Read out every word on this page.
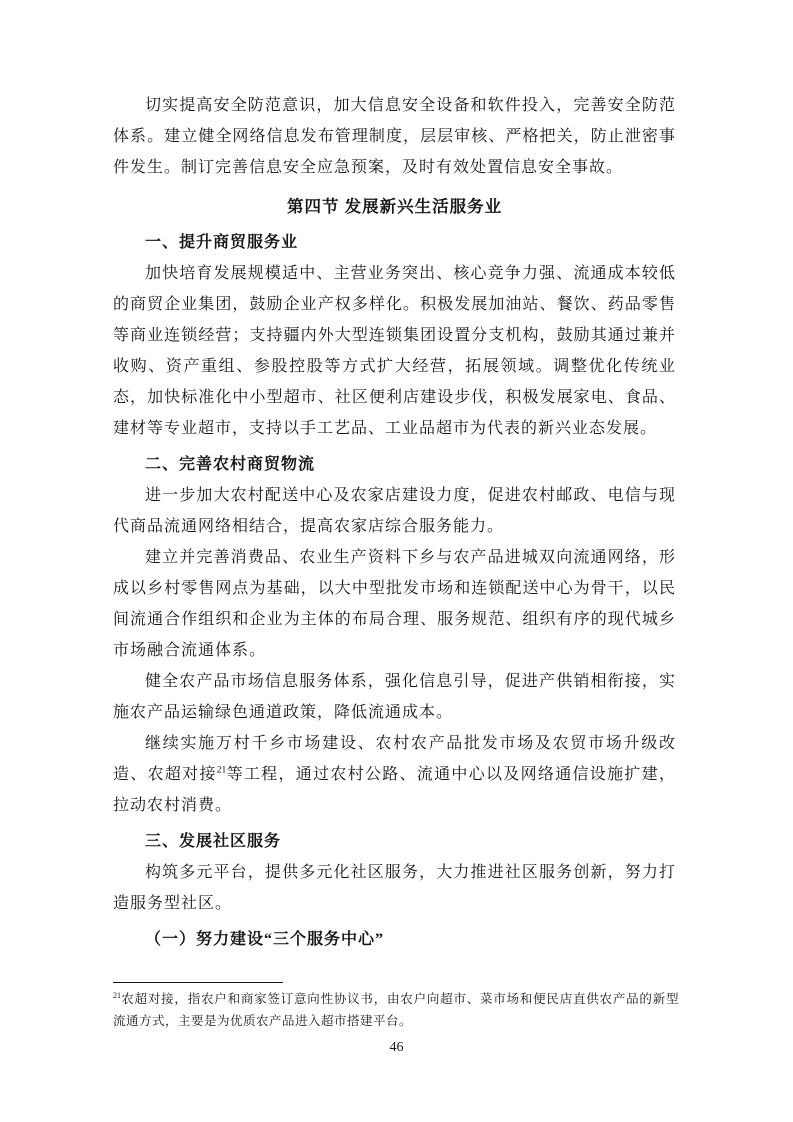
切实提高安全防范意识，加大信息安全设备和软件投入，完善安全防范体系。建立健全网络信息发布管理制度，层层审核、严格把关，防止泄密事件发生。制订完善信息安全应急预案，及时有效处置信息安全事故。

第四节 发展新兴生活服务业
一、提升商贸服务业

加快培育发展规模适中、主营业务突出、核心竞争力强、流通成本较低的商贸企业集团，鼓励企业产权多样化。积极发展加油站、餐饮、药品零售等商业连锁经营；支持疆内外大型连锁集团设置分支机构，鼓励其通过兼并收购、资产重组、参股控股等方式扩大经营，拓展领域。调整优化传统业态，加快标准化中小型超市、社区便利店建设步伐，积极发展家电、食品、建材等专业超市，支持以手工艺品、工业品超市为代表的新兴业态发展。

二、完善农村商贸物流

进一步加大农村配送中心及农家店建设力度，促进农村邮政、电信与现代商品流通网络相结合，提高农家店综合服务能力。

建立并完善消费品、农业生产资料下乡与农产品进城双向流通网络，形成以乡村零售网点为基础，以大中型批发市场和连锁配送中心为骨干，以民间流通合作组织和企业为主体的布局合理、服务规范、组织有序的现代城乡市场融合流通体系。

健全农产品市场信息服务体系，强化信息引导，促进产供销相衔接，实施农产品运输绿色通道政策，降低流通成本。

继续实施万村千乡市场建设、农村农产品批发市场及农贸市场升级改造、农超对接$^{21}$等工程，通过农村公路、流通中心以及网络通信设施扩建，拉动农村消费。

三、发展社区服务

构筑多元平台，提供多元化社区服务，大力推进社区服务创新，努力打造服务型社区。

（一）努力建设“三个服务中心”

$^{21}$农超对接，指农户和商家签订意向性协议书，由农户向超市、菜市场和便民店直供农产品的新型流通方式，主要是为优质农产品进入超市搭建平台。

46
